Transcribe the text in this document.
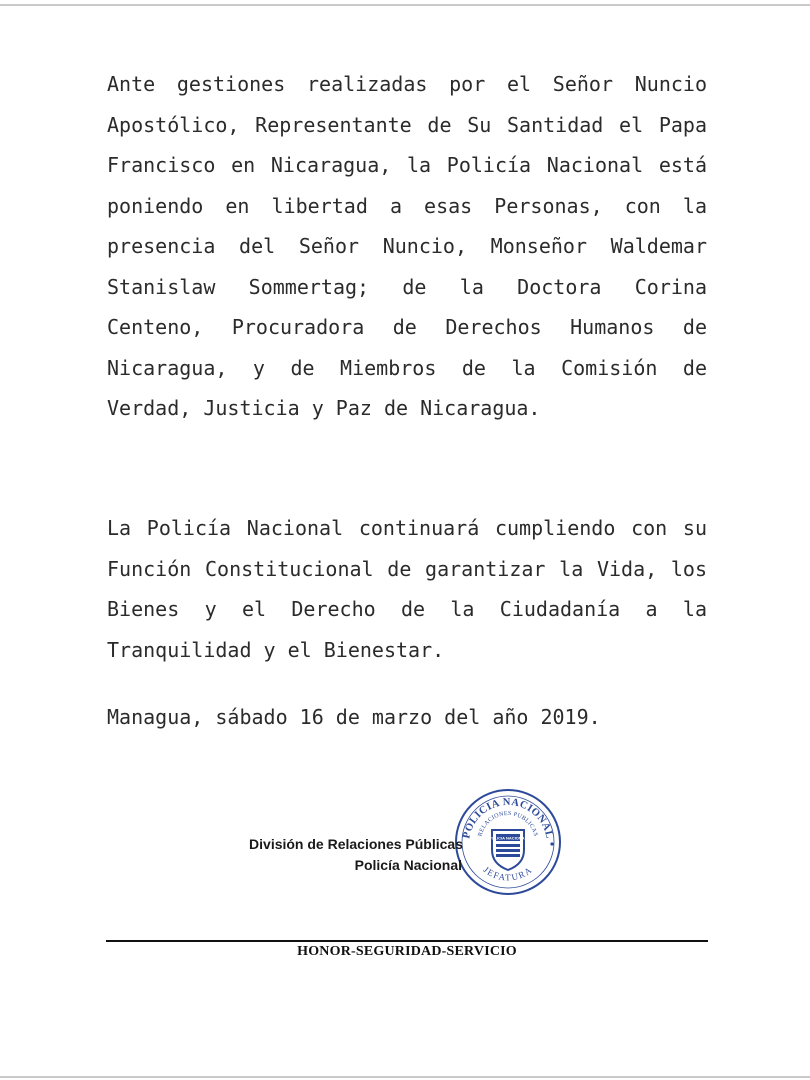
Ante gestiones realizadas por el Señor Nuncio Apostólico, Representante de Su Santidad el Papa Francisco en Nicaragua, la Policía Nacional está poniendo en libertad a esas Personas, con la presencia del Señor Nuncio, Monseñor Waldemar Stanislaw Sommertag; de la Doctora Corina Centeno, Procuradora de Derechos Humanos de Nicaragua, y de Miembros de la Comisión de Verdad, Justicia y Paz de Nicaragua.

La Policía Nacional continuará cumpliendo con su Función Constitucional de garantizar la Vida, los Bienes y el Derecho de la Ciudadanía a la Tranquilidad y el Bienestar.

Managua, sábado 16 de marzo del año 2019.

POLICIA NACIONAL
RELACIONES PUBLICAS
JEFATURA
POLICIA NACIONAL
División de Relaciones Públicas
Policía Nacional
HONOR-SEGURIDAD-SERVICIO
